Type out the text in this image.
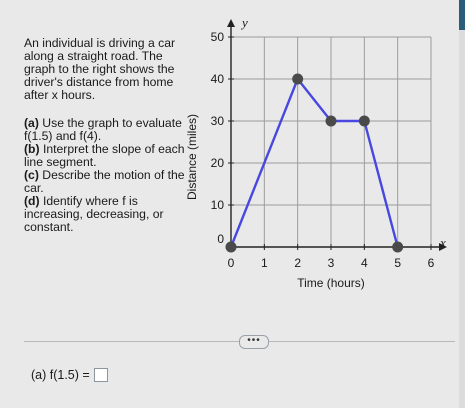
An individual is driving a car along a straight road. The graph to the right shows the driver's distance from home after x hours.

(a) Use the graph to evaluate f(1.5) and f(4).

(b) Interpret the slope of each line segment.

(c) Describe the motion of the car.

(d) Identify where f is increasing, decreasing, or constant.

0 1 2 3 4 5 6
0
10
20
30
40
50
Time (hours)
Distance (miles)
x
y
•••
(a) f(1.5) =
